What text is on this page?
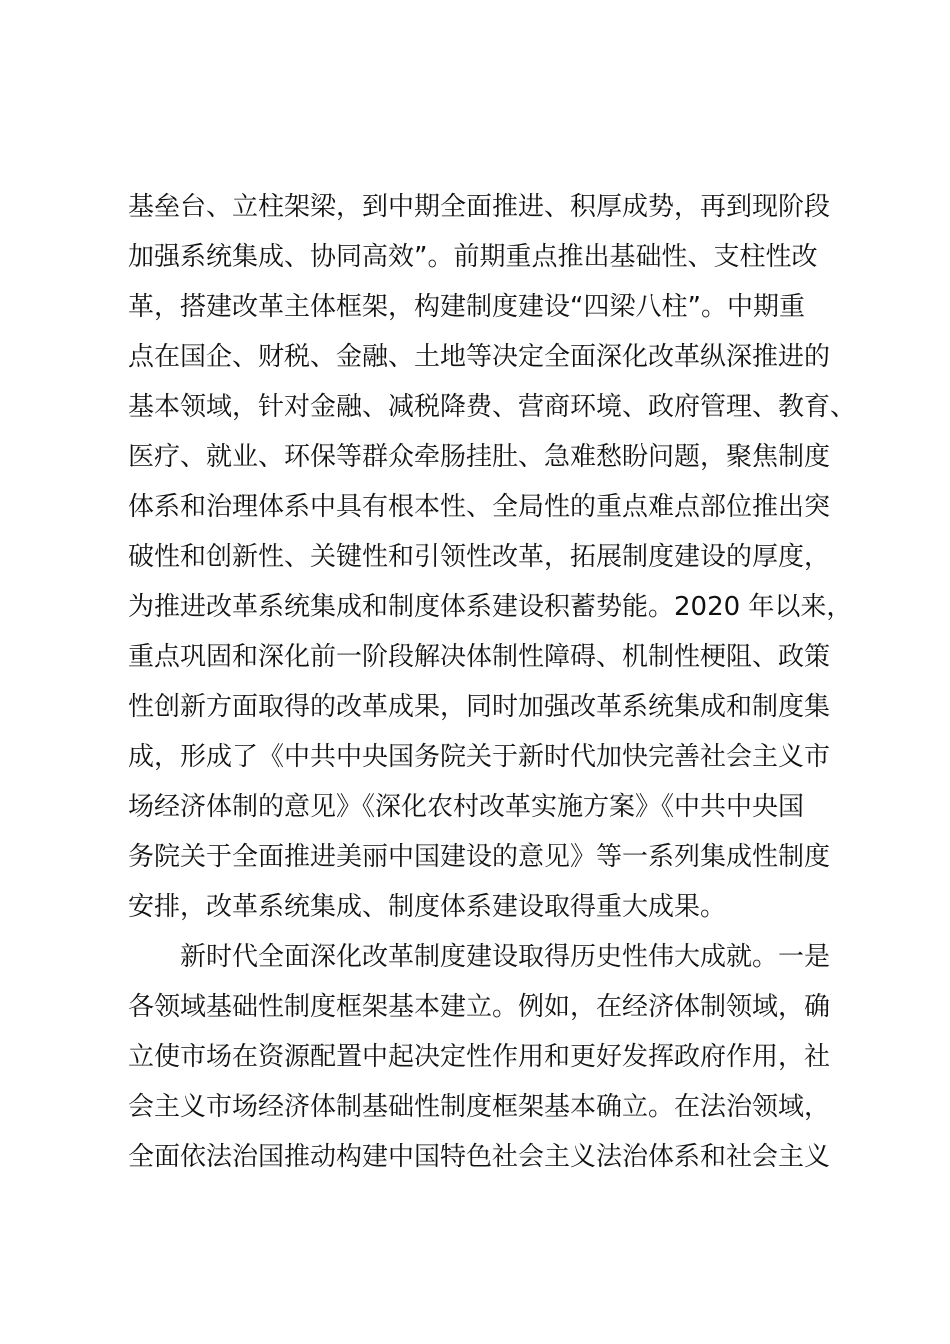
基垒台、立柱架梁，到中期全面推进、积厚成势，再到现阶段
加强系统集成、协同高效”。前期重点推出基础性、支柱性改
革，搭建改革主体框架，构建制度建设“四梁八柱”。中期重
点在国企、财税、金融、土地等决定全面深化改革纵深推进的
基本领域，针对金融、减税降费、营商环境、政府管理、教育、
医疗、就业、环保等群众牵肠挂肚、急难愁盼问题，聚焦制度
体系和治理体系中具有根本性、全局性的重点难点部位推出突
破性和创新性、关键性和引领性改革，拓展制度建设的厚度，
为推进改革系统集成和制度体系建设积蓄势能。2020 年以来，
重点巩固和深化前一阶段解决体制性障碍、机制性梗阻、政策
性创新方面取得的改革成果，同时加强改革系统集成和制度集
成，形成了《中共中央国务院关于新时代加快完善社会主义市
场经济体制的意见》《深化农村改革实施方案》《中共中央国
务院关于全面推进美丽中国建设的意见》等一系列集成性制度
安排，改革系统集成、制度体系建设取得重大成果。
新时代全面深化改革制度建设取得历史性伟大成就。一是
各领域基础性制度框架基本建立。例如，在经济体制领域，确
立使市场在资源配置中起决定性作用和更好发挥政府作用，社
会主义市场经济体制基础性制度框架基本确立。在法治领域，
全面依法治国推动构建中国特色社会主义法治体系和社会主义
